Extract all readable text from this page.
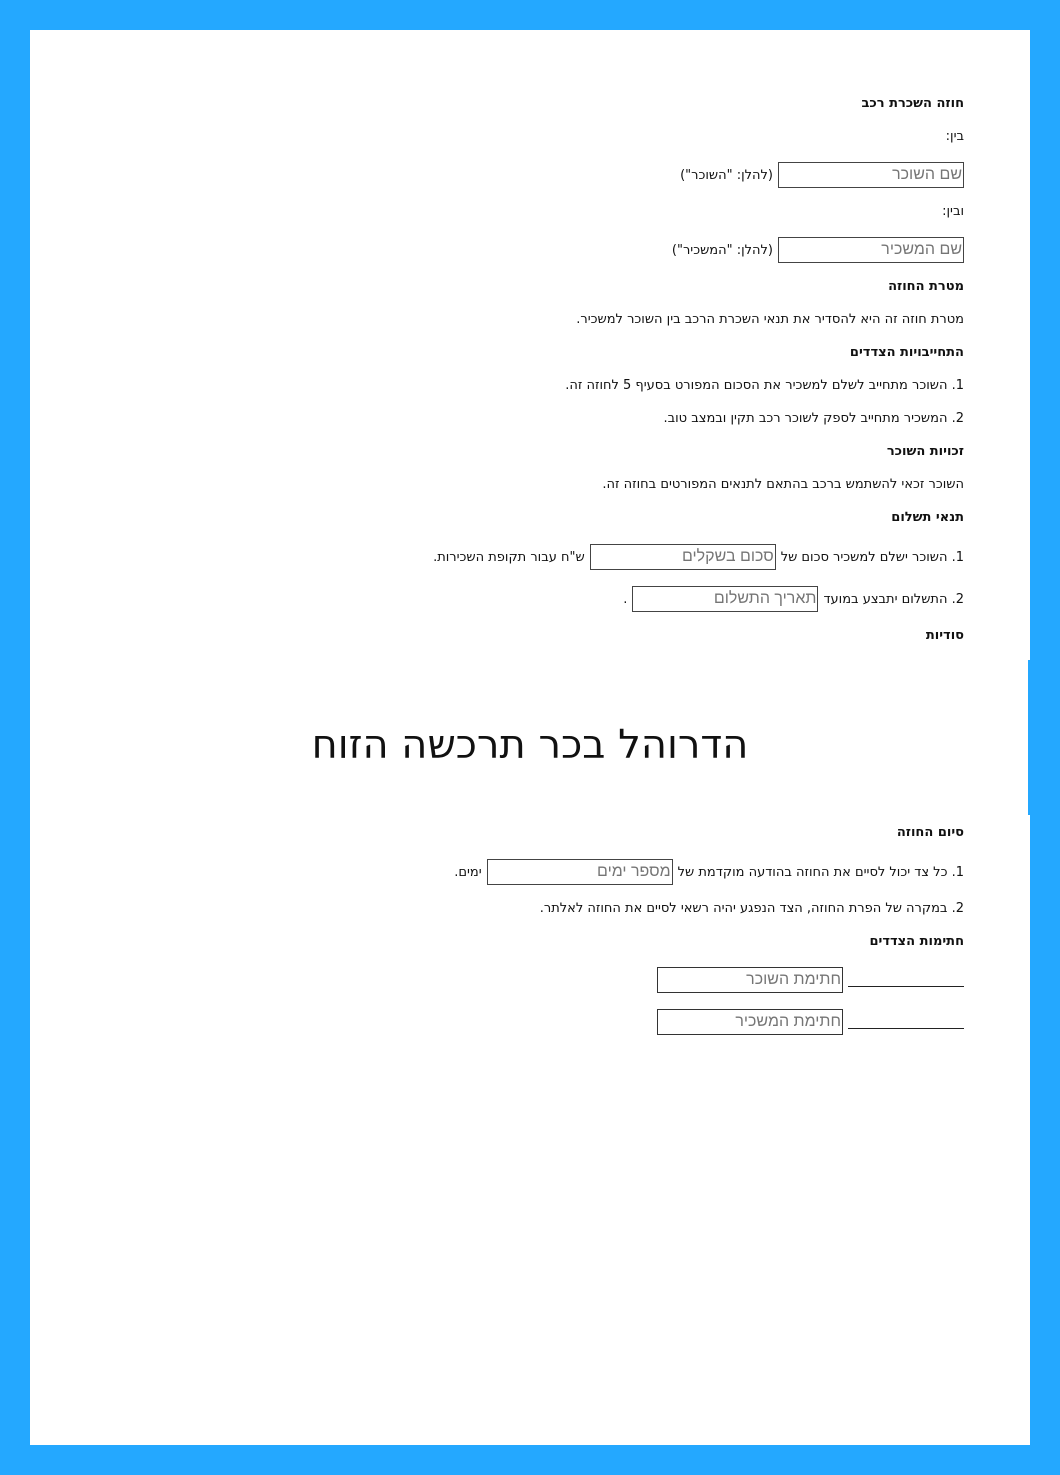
חוזה השכרת רכב
בין:
שם השוכר
(להלן: "השוכר")
ובין:
שם המשכיר
(להלן: "המשכיר")
מטרת החוזה
מטרת חוזה זה היא להסדיר את תנאי השכרת הרכב בין השוכר למשכיר.
התחייבויות הצדדים
1. השוכר מתחייב לשלם למשכיר את הסכום המפורט בסעיף 5 לחוזה זה.
2. המשכיר מתחייב לספק לשוכר רכב תקין ובמצב טוב.
זכויות השוכר
השוכר זכאי להשתמש ברכב בהתאם לתנאים המפורטים בחוזה זה.
תנאי תשלום
1. השוכר ישלם למשכיר סכום של
סכום בשקלים
ש"ח עבור תקופת השכירות.
2. התשלום יתבצע במועד
תאריך התשלום
.
סודיות
הדרוהל בכר תרכשה הזוח
סיום החוזה
1. כל צד יכול לסיים את החוזה בהודעה מוקדמת של
מספר ימים
ימים.
2. במקרה של הפרת החוזה, הצד הנפגע יהיה רשאי לסיים את החוזה לאלתר.
חתימות הצדדים
חתימת השוכר
חתימת המשכיר
